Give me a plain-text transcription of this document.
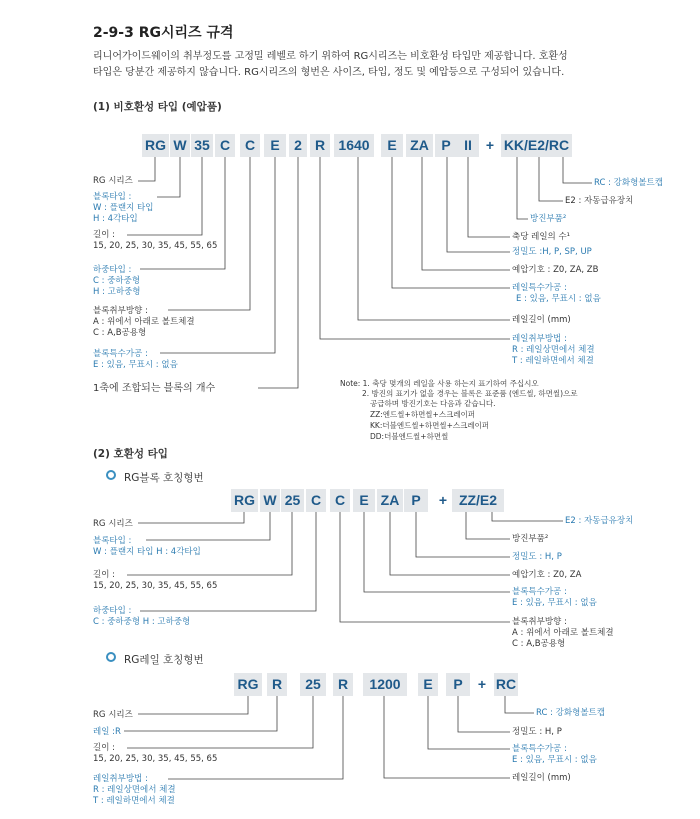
2-9-3 RG시리즈 규격
리니어가이드웨이의 취부정도를 고정밀 레벨로 하기 위하여 RG시리즈는 비호환성 타입만 제공합니다. 호환성
타입은 당분간 제공하지 않습니다. RG시리즈의 형번은 사이즈, 타입, 정도 및 예압등으로 구성되어 있습니다.
(1) 비호환성 타입 (예압품)
RG W 35 C	C	E	2 R 1640	E ZA P II	+ KK/E2/RC
RG 시리즈
블록타입 :
W : 플랜지 타입
H : 4각타입
길이 :
15, 20, 25, 30, 35, 45, 55, 65
하중타입 :
C : 중하중형
H : 고하중형
블록취부방향 :
A : 위에서 아래로 볼트체결
C : A,B공용형
블록특수가공 :
E : 있음, 무표시 : 없음
1축에 조합되는 블록의 개수
RC : 강화형볼트캡
E2 : 자동급유장치
방진부품²
축당 레일의 수¹
정밀도 :H, P, SP, UP
예압기호 : Z0, ZA, ZB
레일특수가공 :
E : 있음, 무표시 : 없음
레일길이 (mm)
레일취부방법 :
R : 레일상면에서 체결
T : 레일하면에서 체결
Note: 1. 축당 몇개의 레일을 사용 하는지 표기하여 주십시오
2. 방진의 표기가 없을 경우는 블록은 표준품 (엔드씰, 하면씰)으로
공급하며 방진기호는 다음과 같습니다.
ZZ:엔드씰+하면씰+스크레이퍼
KK:더블엔드씰+하면씰+스크레이퍼
DD:더블엔드씰+하면씰
(2) 호환성 타입
RG블록 호칭형번
RG W 25 C C	E ZA P	+ ZZ/E2
RG 시리즈
블록타입 :
W : 플랜지 타입 H : 4각타입
길이 :
15, 20, 25, 30, 35, 45, 55, 65
하중타입 :
C : 중하중형 H : 고하중형
E2 : 자동급유장치
방진부품²
정밀도 : H, P
예압기호 : Z0, ZA
블록특수가공 :
E : 있음, 무표시 : 없음
블록취부방향 :
A : 위에서 아래로 볼트체결
C : A,B공용형
RG레일 호칭형번
RG R	25	R	1200	E	P	+ RC
RG 시리즈
레일 :R
길이 :
15, 20, 25, 30, 35, 45, 55, 65
레일취부방법 :
R : 레일상면에서 체결
T : 레일하면에서 체결
RC : 강화형볼트캡
정밀도 : H, P
블록특수가공 :
E : 있음, 무표시 : 없음
레일길이 (mm)
